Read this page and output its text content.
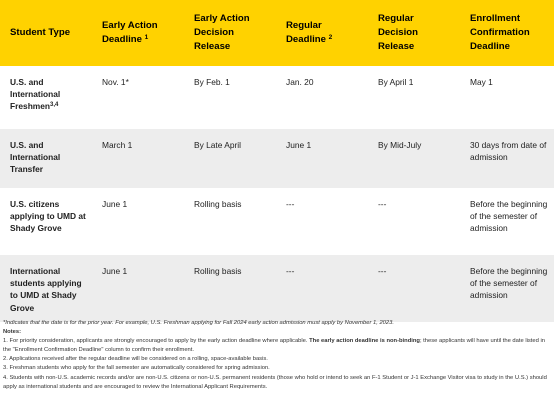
Student Type	Early Action Deadline $^1$	Early Action Decision Release	Regular Deadline $^2$	Regular Decision Release	Enrollment Confirmation Deadline
U.S. and International Freshmen$^{3,4}$	Nov. 1*	By Feb. 1	Jan. 20	By April 1	May 1
U.S. and International Transfer	March 1	By Late April	June 1	By Mid-July	30 days from date of admission
U.S. citizens applying to UMD at Shady Grove	June 1	Rolling basis	---	---	Before the beginning of the semester of admission
International students applying to UMD at Shady Grove	June 1	Rolling basis	---	---	Before the beginning of the semester of admission

*Indicates that the date is for the prior year. For example, U.S. Freshman applying for Fall 2024 early action admission must apply by November 1, 2023.

Notes:

1. For priority consideration, applicants are strongly encouraged to apply by the early action deadline where applicable. The early action deadline is non-binding; these applicants will have until the date listed in the "Enrollment Confirmation Deadline" column to confirm their enrollment.

2. Applications received after the regular deadline will be considered on a rolling, space-available basis.

3. Freshman students who apply for the fall semester are automatically considered for spring admission.

4. Students with non-U.S. academic records and/or are non-U.S. citizens or non-U.S. permanent residents (those who hold or intend to seek an F-1 Student or J-1 Exchange Visitor visa to study in the U.S.) should apply as international students and are encouraged to review the International Applicant Requirements.
